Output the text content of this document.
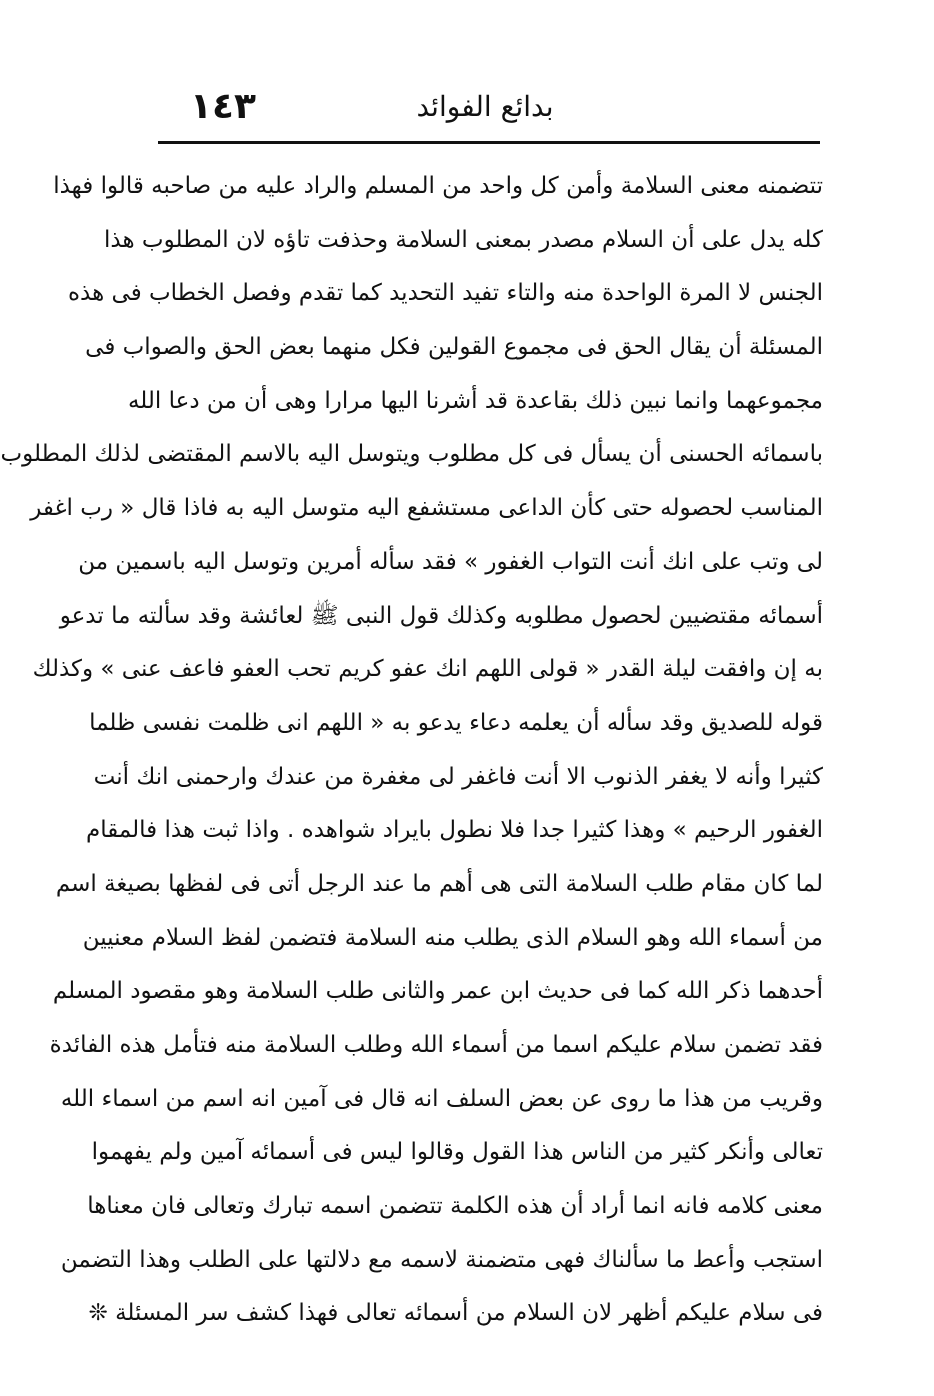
بدائع الفوائد
١٤٣
تتضمنه معنى السلامة وأمن كل واحد من المسلم والراد عليه من صاحبه قالوا فهذا
كله يدل على أن السلام مصدر بمعنى السلامة وحذفت تاؤه لان المطلوب هذا
الجنس لا المرة الواحدة منه والتاء تفيد التحديد كما تقدم وفصل الخطاب فى هذه
المسئلة أن يقال الحق فى مجموع القولين فكل منهما بعض الحق والصواب فى
مجموعهما وانما نبين ذلك بقاعدة قد أشرنا اليها مرارا وهى أن من دعا الله
باسمائه الحسنى أن يسأل فى كل مطلوب ويتوسل اليه بالاسم المقتضى لذلك المطلوب
المناسب لحصوله حتى كأن الداعى مستشفع اليه متوسل اليه به فاذا قال « رب اغفر
لى وتب على انك أنت التواب الغفور » فقد سأله أمرين وتوسل اليه باسمين من
أسمائه مقتضيين لحصول مطلوبه وكذلك قول النبى ﷺ لعائشة وقد سألته ما تدعو
به إن وافقت ليلة القدر « قولى اللهم انك عفو كريم تحب العفو فاعف عنى » وكذلك
قوله للصديق وقد سأله أن يعلمه دعاء يدعو به « اللهم انى ظلمت نفسى ظلما
كثيرا وأنه لا يغفر الذنوب الا أنت فاغفر لى مغفرة من عندك وارحمنى انك أنت
الغفور الرحيم » وهذا كثيرا جدا فلا نطول بايراد شواهده . واذا ثبت هذا فالمقام
لما كان مقام طلب السلامة التى هى أهم ما عند الرجل أتى فى لفظها بصيغة اسم
من أسماء الله وهو السلام الذى يطلب منه السلامة فتضمن لفظ السلام معنيين
أحدهما ذكر الله كما فى حديث ابن عمر والثانى طلب السلامة وهو مقصود المسلم
فقد تضمن سلام عليكم اسما من أسماء الله وطلب السلامة منه فتأمل هذه الفائدة
وقريب من هذا ما روى عن بعض السلف انه قال فى آمين انه اسم من اسماء الله
تعالى وأنكر كثير من الناس هذا القول وقالوا ليس فى أسمائه آمين ولم يفهموا
معنى كلامه فانه انما أراد أن هذه الكلمة تتضمن اسمه تبارك وتعالى فان معناها
استجب وأعط ما سألناك فهى متضمنة لاسمه مع دلالتها على الطلب وهذا التضمن
فى سلام عليكم أظهر لان السلام من أسمائه تعالى فهذا كشف سر المسئلة ❊
